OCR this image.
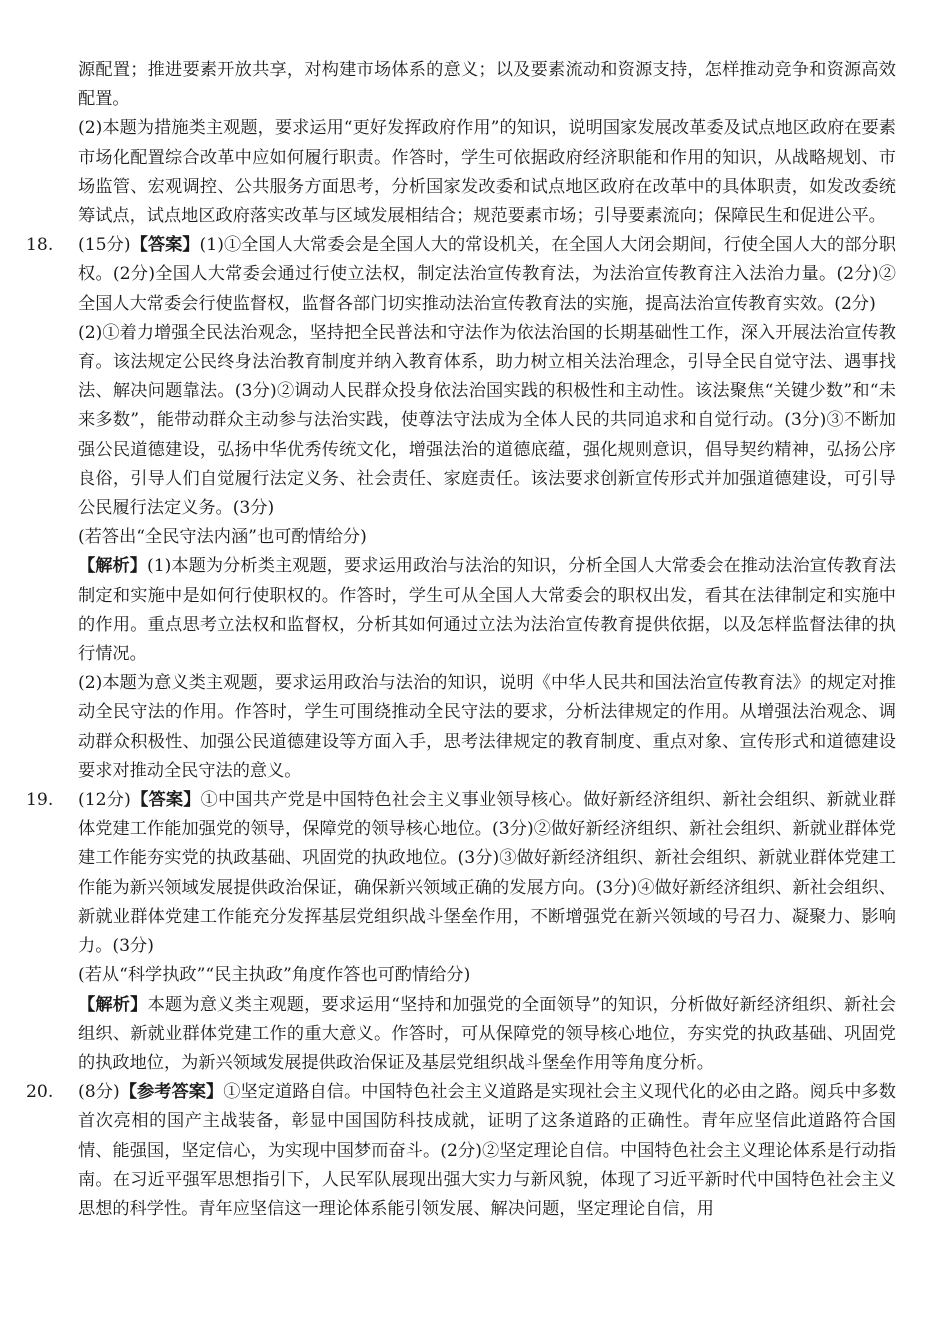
源配置；推进要素开放共享，对构建市场体系的意义；以及要素流动和资源支持，怎样推动竞争和资源高效配置。

(2)本题为措施类主观题，要求运用“更好发挥政府作用”的知识，说明国家发展改革委及试点地区政府在要素市场化配置综合改革中应如何履行职责。作答时，学生可依据政府经济职能和作用的知识，从战略规划、市场监管、宏观调控、公共服务方面思考，分析国家发改委和试点地区政府在改革中的具体职责，如发改委统筹试点，试点地区政府落实改革与区域发展相结合；规范要素市场；引导要素流向；保障民生和促进公平。

18. (15分)【答案】(1)①全国人大常委会是全国人大的常设机关，在全国人大闭会期间，行使全国人大的部分职权。(2分)全国人大常委会通过行使立法权，制定法治宣传教育法，为法治宣传教育注入法治力量。(2分)②全国人大常委会行使监督权，监督各部门切实推动法治宣传教育法的实施，提高法治宣传教育实效。(2分)

(2)①着力增强全民法治观念，坚持把全民普法和守法作为依法治国的长期基础性工作，深入开展法治宣传教育。该法规定公民终身法治教育制度并纳入教育体系，助力树立相关法治理念，引导全民自觉守法、遇事找法、解决问题靠法。(3分)②调动人民群众投身依法治国实践的积极性和主动性。该法聚焦“关键少数”和“未来多数”，能带动群众主动参与法治实践，使尊法守法成为全体人民的共同追求和自觉行动。(3分)③不断加强公民道德建设，弘扬中华优秀传统文化，增强法治的道德底蕴，强化规则意识，倡导契约精神，弘扬公序良俗，引导人们自觉履行法定义务、社会责任、家庭责任。该法要求创新宣传形式并加强道德建设，可引导公民履行法定义务。(3分)

(若答出“全民守法内涵”也可酌情给分)

【解析】(1)本题为分析类主观题，要求运用政治与法治的知识，分析全国人大常委会在推动法治宣传教育法制定和实施中是如何行使职权的。作答时，学生可从全国人大常委会的职权出发，看其在法律制定和实施中的作用。重点思考立法权和监督权，分析其如何通过立法为法治宣传教育提供依据，以及怎样监督法律的执行情况。

(2)本题为意义类主观题，要求运用政治与法治的知识，说明《中华人民共和国法治宣传教育法》的规定对推动全民守法的作用。作答时，学生可围绕推动全民守法的要求，分析法律规定的作用。从增强法治观念、调动群众积极性、加强公民道德建设等方面入手，思考法律规定的教育制度、重点对象、宣传形式和道德建设要求对推动全民守法的意义。

19. (12分)【答案】①中国共产党是中国特色社会主义事业领导核心。做好新经济组织、新社会组织、新就业群体党建工作能加强党的领导，保障党的领导核心地位。(3分)②做好新经济组织、新社会组织、新就业群体党建工作能夯实党的执政基础、巩固党的执政地位。(3分)③做好新经济组织、新社会组织、新就业群体党建工作能为新兴领域发展提供政治保证，确保新兴领域正确的发展方向。(3分)④做好新经济组织、新社会组织、新就业群体党建工作能充分发挥基层党组织战斗堡垒作用，不断增强党在新兴领域的号召力、凝聚力、影响力。(3分)

(若从“科学执政”“民主执政”角度作答也可酌情给分)

【解析】本题为意义类主观题，要求运用“坚持和加强党的全面领导”的知识，分析做好新经济组织、新社会组织、新就业群体党建工作的重大意义。作答时，可从保障党的领导核心地位，夯实党的执政基础、巩固党的执政地位，为新兴领域发展提供政治保证及基层党组织战斗堡垒作用等角度分析。

20. (8分)【参考答案】①坚定道路自信。中国特色社会主义道路是实现社会主义现代化的必由之路。阅兵中多数首次亮相的国产主战装备，彰显中国国防科技成就，证明了这条道路的正确性。青年应坚信此道路符合国情、能强国，坚定信心，为实现中国梦而奋斗。(2分)②坚定理论自信。中国特色社会主义理论体系是行动指南。在习近平强军思想指引下，人民军队展现出强大实力与新风貌，体现了习近平新时代中国特色社会主义思想的科学性。青年应坚信这一理论体系能引领发展、解决问题，坚定理论自信，用
